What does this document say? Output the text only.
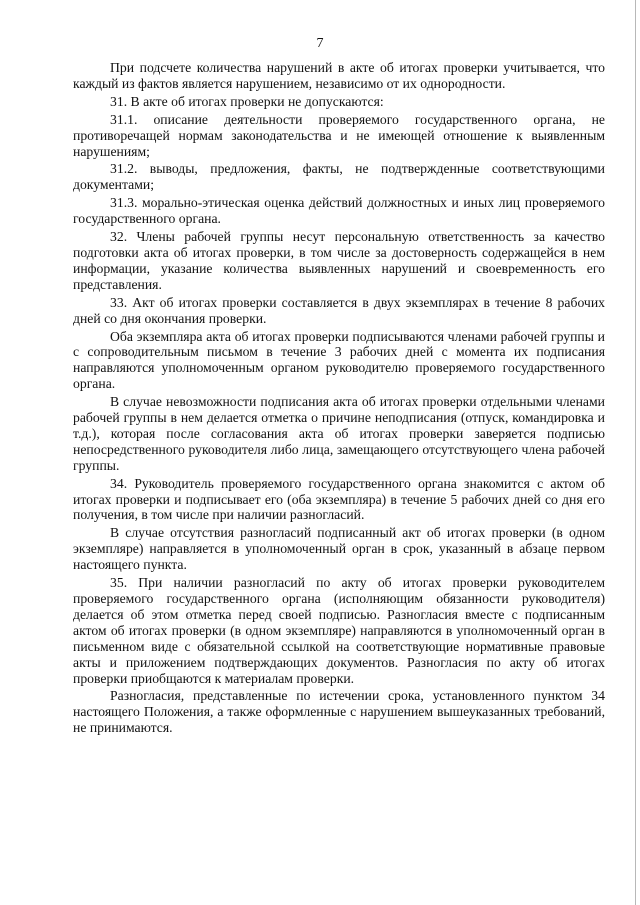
7

При подсчете количества нарушений в акте об итогах проверки учитывается, что каждый из фактов является нарушением, независимо от их однородности.

31. В акте об итогах проверки не допускаются:

31.1. описание деятельности проверяемого государственного органа, не противоречащей нормам законодательства и не имеющей отношение к выявленным нарушениям;

31.2. выводы, предложения, факты, не подтвержденные соответствующими документами;

31.3. морально-этическая оценка действий должностных и иных лиц проверяемого государственного органа.

32. Члены рабочей группы несут персональную ответственность за качество подготовки акта об итогах проверки, в том числе за достоверность содержащейся в нем информации, указание количества выявленных нарушений и своевременность его представления.

33. Акт об итогах проверки составляется в двух экземплярах в течение 8 рабочих дней со дня окончания проверки.

Оба экземпляра акта об итогах проверки подписываются членами рабочей группы и с сопроводительным письмом в течение 3 рабочих дней с момента их подписания направляются уполномоченным органом руководителю проверяемого государственного органа.

В случае невозможности подписания акта об итогах проверки отдельными членами рабочей группы в нем делается отметка о причине неподписания (отпуск, командировка и т.д.), которая после согласования акта об итогах проверки заверяется подписью непосредственного руководителя либо лица, замещающего отсутствующего члена рабочей группы.

34. Руководитель проверяемого государственного органа знакомится с актом об итогах проверки и подписывает его (оба экземпляра) в течение 5 рабочих дней со дня его получения, в том числе при наличии разногласий.

В случае отсутствия разногласий подписанный акт об итогах проверки (в одном экземпляре) направляется в уполномоченный орган в срок, указанный в абзаце первом настоящего пункта.

35. При наличии разногласий по акту об итогах проверки руководителем проверяемого государственного органа (исполняющим обязанности руководителя) делается об этом отметка перед своей подписью. Разногласия вместе с подписанным актом об итогах проверки (в одном экземпляре) направляются в уполномоченный орган в письменном виде с обязательной ссылкой на соответствующие нормативные правовые акты и приложением подтверждающих документов. Разногласия по акту об итогах проверки приобщаются к материалам проверки.

Разногласия, представленные по истечении срока, установленного пунктом 34 настоящего Положения, а также оформленные с нарушением вышеуказанных требований, не принимаются.
